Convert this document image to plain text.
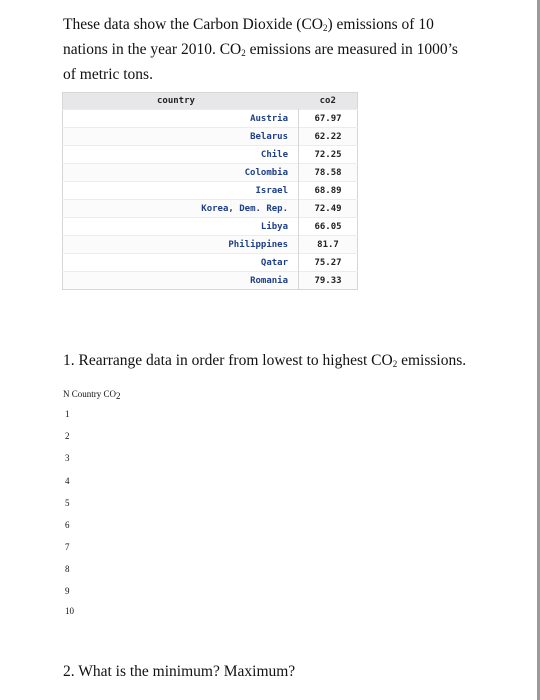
These data show the Carbon Dioxide $(CO_2)$ emissions of 10
nations in the year 2010. $CO_2$ emissions are measured in 1000’s
of metric tons.
country	co2
Austria	67.97
Belarus	62.22
Chile	72.25
Colombia	78.58
Israel	68.89
Korea, Dem. Rep.	72.49
Libya	66.05
Philippines	81.7
Qatar	75.27
Romania	79.33
1. Rearrange data in order from lowest to highest $CO_2$ emissions.
N Country $CO_2$
1
2
3
4
5
6
7
8
9
10
2. What is the minimum? Maximum?
